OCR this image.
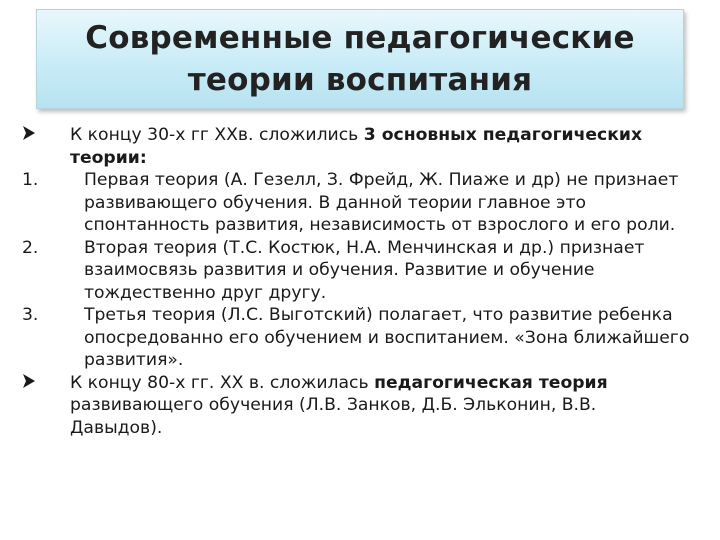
Современные педагогические
теории воспитания
К концу 30-х гг XXв. сложились 3 основных педагогических теории:
1.	Первая теория (А. Гезелл, З. Фрейд, Ж. Пиаже и др) не признает развивающего обучения. В данной теории главное это спонтанность развития, независимость от взрослого и его роли.
2.	Вторая теория (Т.С. Костюк, Н.А. Менчинская и др.) признает взаимосвязь развития и обучения. Развитие и обучение тождественно друг другу.
3.	Третья теория (Л.С. Выготский) полагает, что развитие ребенка опосредованно его обучением и воспитанием. «Зона ближайшего развития».
К концу 80-х гг. XX в. сложилась педагогическая теория развивающего обучения (Л.В. Занков, Д.Б. Эльконин, В.В. Давыдов).
